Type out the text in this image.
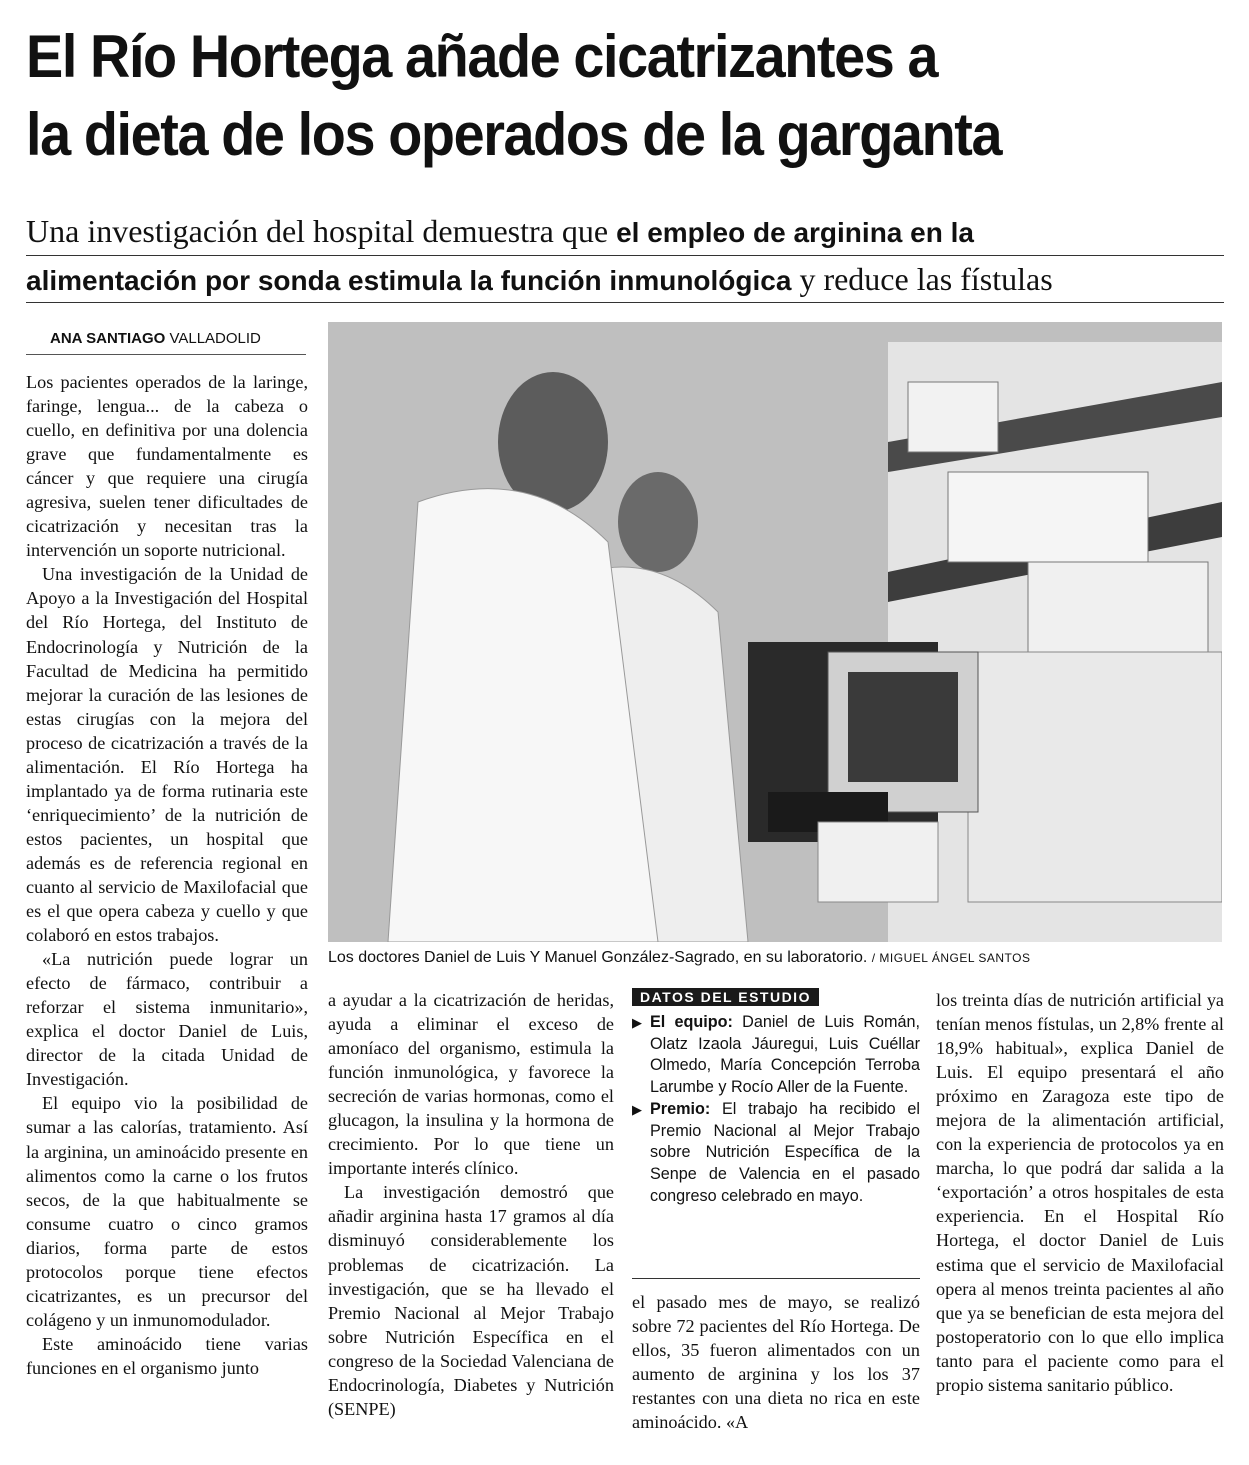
El Río Hortega añade cicatrizantes a
la dieta de los operados de la garganta
Una investigación del hospital demuestra que el empleo de arginina en la
alimentación por sonda estimula la función inmunológica y reduce las fístulas
ANA SANTIAGO VALLADOLID

Los pacientes operados de la laringe, faringe, lengua... de la cabeza o cuello, en definitiva por una dolencia grave que fundamentalmente es cáncer y que requiere una cirugía agresiva, suelen tener dificultades de cicatrización y necesitan tras la intervención un soporte nutricional.

Una investigación de la Unidad de Apoyo a la Investigación del Hospital del Río Hortega, del Instituto de Endocrinología y Nutrición de la Facultad de Medicina ha permitido mejorar la curación de las lesiones de estas cirugías con la mejora del proceso de cicatrización a través de la alimentación. El Río Hortega ha implantado ya de forma rutinaria este ‘enriquecimiento’ de la nutrición de estos pacientes, un hospital que además es de referencia regional en cuanto al servicio de Maxilofacial que es el que opera cabeza y cuello y que colaboró en estos trabajos.

«La nutrición puede lograr un efecto de fármaco, contribuir a reforzar el sistema inmunitario», explica el doctor Daniel de Luis, director de la citada Unidad de Investigación.

El equipo vio la posibilidad de sumar a las calorías, tratamiento. Así la arginina, un aminoácido presente en alimentos como la carne o los frutos secos, de la que habitualmente se consume cuatro o cinco gramos diarios, forma parte de estos protocolos porque tiene efectos cicatrizantes, es un precursor del colágeno y un inmunomodulador.

Este aminoácido tiene varias funciones en el organismo junto

Los doctores Daniel de Luis Y Manuel González-Sagrado, en su laboratorio. / MIGUEL ÁNGEL SANTOS

a ayudar a la cicatrización de heridas, ayuda a eliminar el exceso de amoníaco del organismo, estimula la función inmunológica, y favorece la secreción de varias hormonas, como el glucagon, la insulina y la hormona de crecimiento. Por lo que tiene un importante interés clínico.

La investigación demostró que añadir arginina hasta 17 gramos al día disminuyó considerablemente los problemas de cicatrización. La investigación, que se ha llevado el Premio Nacional al Mejor Trabajo sobre Nutrición Específica en el congreso de la Sociedad Valenciana de Endocrinología, Diabetes y Nutrición (SENPE)

DATOS DEL ESTUDIO

▶ El equipo: Daniel de Luis Román, Olatz Izaola Jáuregui, Luis Cuéllar Olmedo, María Concepción Terroba Larumbe y Rocío Aller de la Fuente.

▶ Premio: El trabajo ha recibido el Premio Nacional al Mejor Trabajo sobre Nutrición Específica de la Senpe de Valencia en el pasado congreso celebrado en mayo.

el pasado mes de mayo, se realizó sobre 72 pacientes del Río Hortega. De ellos, 35 fueron alimentados con un aumento de arginina y los los 37 restantes con una dieta no rica en este aminoácido. «A

los treinta días de nutrición artificial ya tenían menos fístulas, un 2,8% frente al 18,9% habitual», explica Daniel de Luis. El equipo presentará el año próximo en Zaragoza este tipo de mejora de la alimentación artificial, con la experiencia de protocolos ya en marcha, lo que podrá dar salida a la ‘exportación’ a otros hospitales de esta experiencia. En el Hospital Río Hortega, el doctor Daniel de Luis estima que el servicio de Maxilofacial opera al menos treinta pacientes al año que ya se benefician de esta mejora del postoperatorio con lo que ello implica tanto para el paciente como para el propio sistema sanitario público.
